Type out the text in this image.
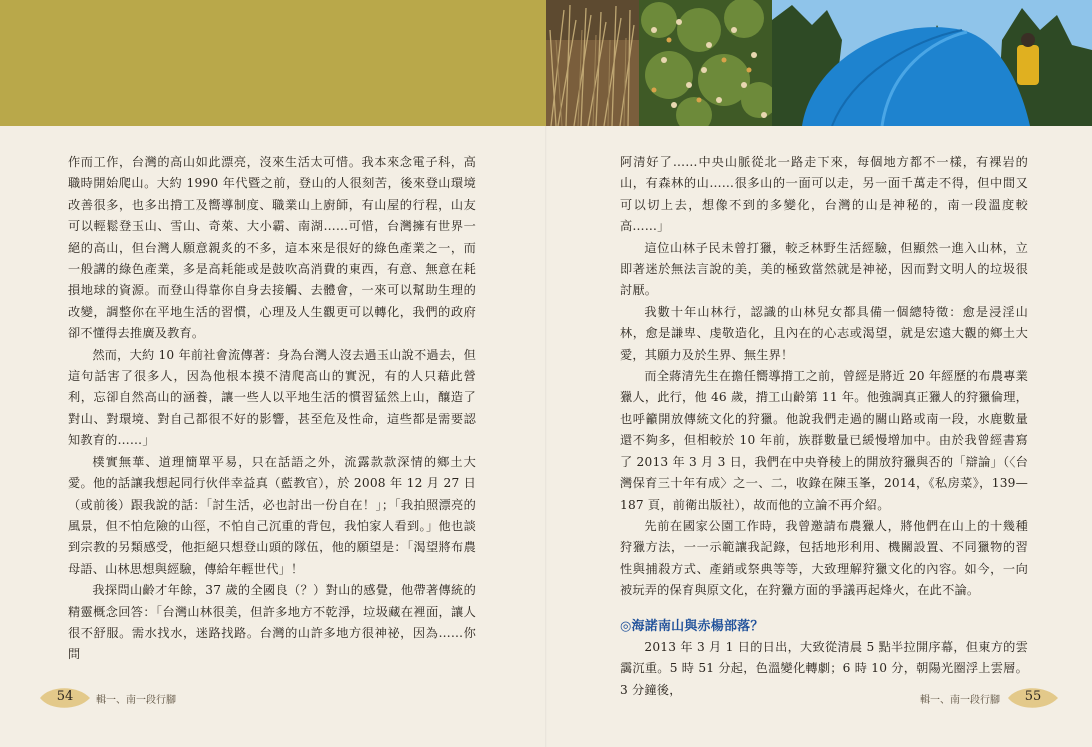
作而工作，台灣的高山如此漂亮，沒來生活太可惜。我本來念電子科，高職時開始爬山。大約 1990 年代暨之前，登山的人很刻苦，後來登山環境改善很多，也多出揹工及嚮導制度、職業山上廚師，有山屋的行程，山友可以輕鬆登玉山、雪山、奇萊、大小霸、南湖……可惜，台灣擁有世界一絕的高山，但台灣人願意親炙的不多，這本來是很好的綠色產業之一，而一般講的綠色產業，多是高耗能或是鼓吹高消費的東西，有意、無意在耗損地球的資源。而登山得靠你自身去接觸、去體會，一來可以幫助生理的改變，調整你在平地生活的習慣，心理及人生觀更可以轉化，我們的政府卻不懂得去推廣及教育。

然而，大約 10 年前社會流傳著：身為台灣人沒去過玉山說不過去，但這句話害了很多人，因為他根本摸不清爬高山的實況，有的人只藉此營利，忘卻自然高山的涵養，讓一些人以平地生活的慣習猛然上山，釀造了對山、對環境、對自己都很不好的影響，甚至危及性命，這些都是需要認知教育的……」

樸實無華、道理簡單平易，只在話語之外，流露款款深情的鄉土大愛。他的話讓我想起同行伙伴幸益真（藍教官），於 2008 年 12 月 27 日（或前後）跟我說的話：「討生活，必也討出一份自在！」；「我拍照漂亮的風景，但不怕危險的山徑，不怕自己沉重的背包，我怕家人看到。」他也談到宗教的另類感受，他拒絕只想登山頭的隊伍，他的願望是：「渴望將布農母語、山林思想與經驗，傳給年輕世代」！

我探問山齡才年餘，37 歲的全國良（？）對山的感覺，他帶著傳統的精靈概念回答：「台灣山林很美，但許多地方不乾淨，垃圾藏在裡面，讓人很不舒服。需水找水，迷路找路。台灣的山許多地方很神祕，因為……你問

阿清好了……中央山脈從北一路走下來，每個地方都不一樣，有裸岩的山，有森林的山……很多山的一面可以走，另一面千萬走不得，但中間又可以切上去，想像不到的多變化，台灣的山是神秘的，南一段溫度較高……」

這位山林子民未曾打獵，較乏林野生活經驗，但顯然一進入山林，立即著迷於無法言說的美，美的極致當然就是神祕，因而對文明人的垃圾很討厭。

我數十年山林行，認識的山林兒女都具備一個總特徵：愈是浸淫山林，愈是謙卑、虔敬造化，且內在的心志或渴望，就是宏遠大觀的鄉土大愛，其願力及於生界、無生界！

而全蔣清先生在擔任嚮導揹工之前，曾經是將近 20 年經歷的布農專業獵人，此行，他 46 歲，揹工山齡第 11 年。他強調真正獵人的狩獵倫理，也呼籲開放傳統文化的狩獵。他說我們走過的關山路或南一段，水鹿數量還不夠多，但相較於 10 年前，族群數量已緩慢增加中。由於我曾經書寫了 2013 年 3 月 3 日，我們在中央脊稜上的開放狩獵與否的「辯論」（〈台灣保育三十年有成〉之一、二，收錄在陳玉峯，2014，《私房菜》，139—187 頁，前衛出版社），故而他的立論不再介紹。

先前在國家公園工作時，我曾邀請布農獵人，將他們在山上的十幾種狩獵方法，一一示範讓我記錄，包括地形利用、機關設置、不同獵物的習性與捕殺方式、產銷或祭典等等，大致理解狩獵文化的內容。如今，一向被玩弄的保育與原文化，在狩獵方面的爭議再起烽火，在此不論。

◎海諾南山與赤楊部落？

2013 年 3 月 1 日的日出，大致從清晨 5 點半拉開序幕，但東方的雲靄沉重。5 時 51 分起，色溫變化轉劇；6 時 10 分，朝陽光圈浮上雲層。3 分鐘後，

54	輯一、南一段行腳	輯一、南一段行腳	55
